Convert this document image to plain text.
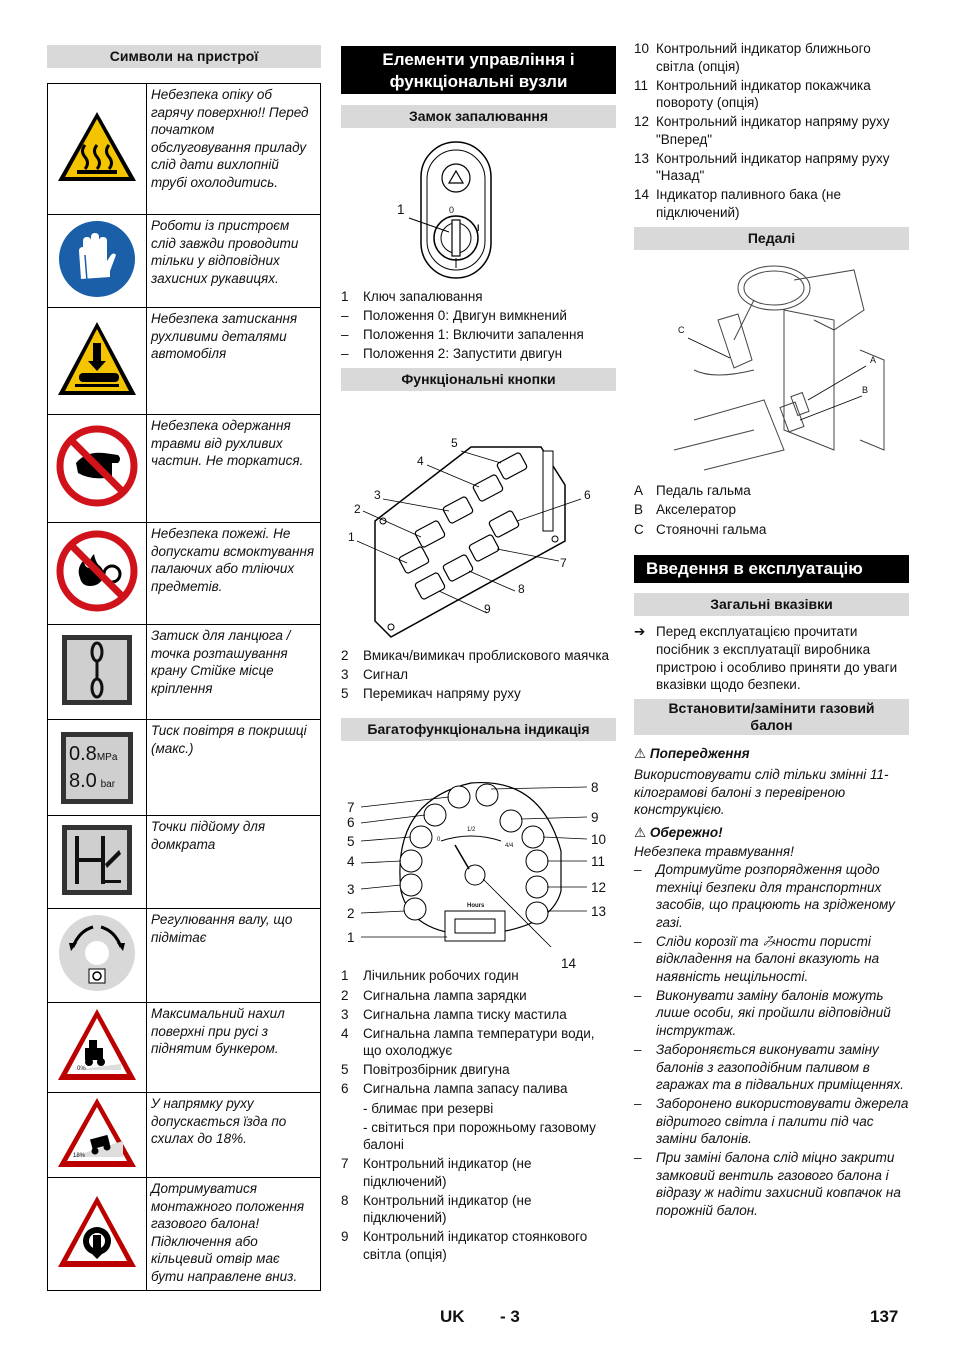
Символи на пристрої
	Небезпека опіку об гарячу поверхню!! Перед початком обслуговування приладу слід дати вихлопній трубі охолодитись.
	Роботи із пристроєм слід завжди проводити тільки у відповідних захисних рукавицях.
	Небезпека затискання рухливими деталями автомобіля
	Небезпека одержання травми від рухливих частин. Не торкатися.
	Небезпека пожежі. Не допускати всмоктування палаючих або тліючих предметів.
	Затиск для ланцюга / точка розташування крану Стійке місце кріплення

0.8MPa
8.0 bar	Тиск повітря в покришці (макс.)
	Точки підйому для домкрата
	Регулювання валу, що підмітає

0%	Максимальний нахил поверхні при русі з піднятим бункером.

18%	У напрямку руху допускається їзда по схилах до 18%.
	Дотримуватися монтажного положення газового балона! Підключення або кільцевий отвір має бути направлене вниз.
Елементи управління і функціональні вузли
Замок запалювання
1	0
I
1	Ключ запалювання
–	Положення 0: Двигун вимкнений
–	Положення 1: Включити запалення
–	Положення 2: Запустити двигун
Функціональні кнопки
1
2
3
4
5
6
7
8
9
2	Вмикач/вимикач проблискового маячка
3	Сигнал
5	Перемикач напряму руху
Багатофункціональна індикація
1/2
4/4
0
Hours
1
2
3
4
5
6
7
8
9
10
11
12
13
14
1	Лічильник робочих годин
2	Сигнальна лампа зарядки
3	Сигнальна лампа тиску мастила
4	Сигнальна лампа температури води, що охолоджує
5	Повітрозбірник двигуна
6	Сигнальна лампа запасу палива
- блимає при резерві
- світиться при порожньому газовому балоні
7	Контрольний індикатор (не підключений)
8	Контрольний індикатор (не підключений)
9	Контрольний індикатор стоянкового світла (опція)
10 Контрольний індикатор ближнього світла (опція)
11 Контрольний індикатор покажчика повороту (опція)
12 Контрольний індикатор напряму руху "Вперед"
13 Контрольний індикатор напряму руху "Назад"
14 Індикатор паливного бака (не підключений)
Педалі
C
A
B
A Педаль гальма
B Акселератор
C Стояночні гальма
Введення в експлуатацію
Загальні вказівки
➔ Перед експлуатацією прочитати посібник з експлуатації виробника пристрою і особливо приняти до уваги вказівки щодо безпеки.
Встановити/замінити газовий балон
⚠ Попередження

Використовувати слід тільки змінні 11-кілограмові балоні з перевіреною конструкцією.

⚠ Обережно!

Небезпека травмування!

–	Дотримуйте розпорядження щодо техніці безпеки для транспортних засобів, що працюють на зрідженому газі.
–	Сліди корозії та みности пористі відкладення на балоні вказують на наявність нещільності.
–	Виконувати заміну балонів можуть лише особи, які пройшли відповідний інструктаж.
–	Забороняється виконувати заміну балонів з газоподібним паливом в гаражах та в підвальних приміщеннях.
–	Заборонено використовувати джерела відритого світла і палити під час заміни балонів.
–	При заміні балона слід міцно закрити замковий вентиль газового балона і відразу ж надіти захисний ковпачок на порожній балон.
UK - 3	137
